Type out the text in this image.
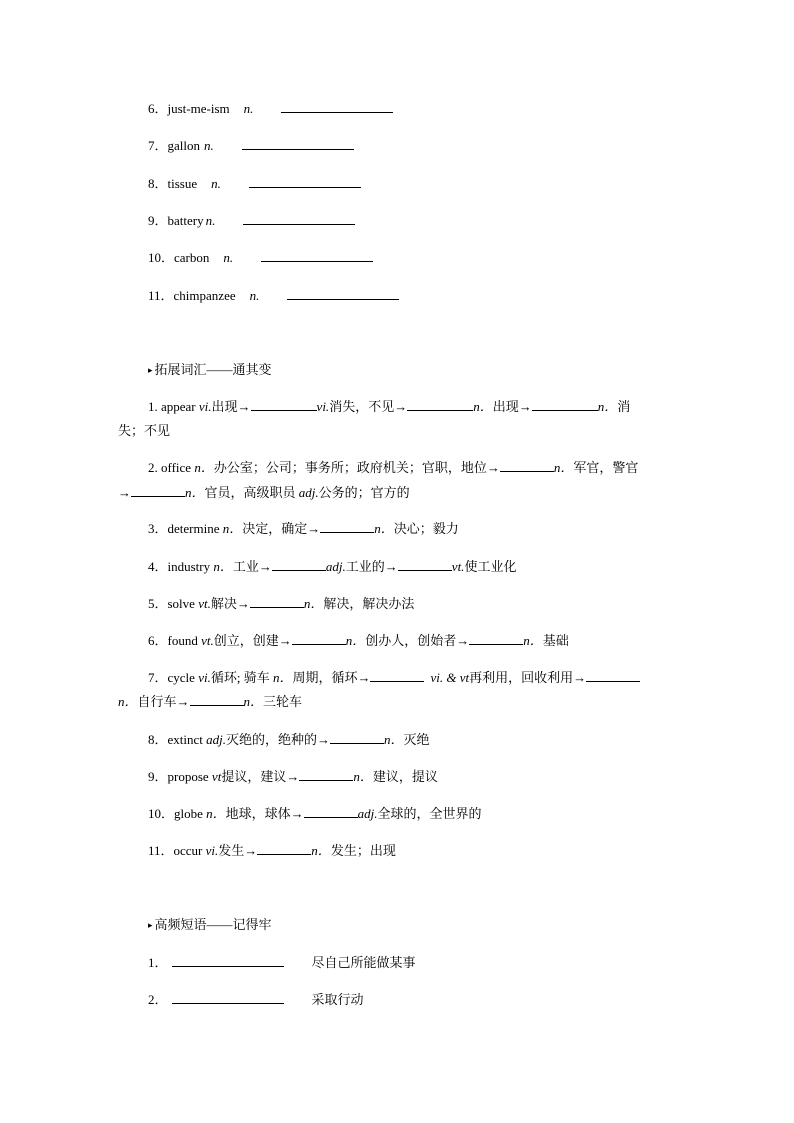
6．just-me-ism n.
7．gallon n.
8．tissue n.
9．battery n.
10．carbon n.
11．chimpanzee n.
▸ 拓展词汇——通其变
1. appear vi.出现→	vi.消失，不见→	n．出现→	n．消
失；不见
2. office n．办公室；公司；事务所；政府机关；官职，地位→	n．军官，警官
→	n．官员，高级职员 adj.公务的；官方的
3．determine n．决定，确定→	n．决心；毅力
4．industry n．工业→	adj.工业的→	vt.使工业化
5．solve vt.解决→	n．解决，解决办法
6．found vt.创立，创建→	n．创办人，创始者→	n．基础
7．cycle vi.循环; 骑车 n．周期，循环→	vi. & vt再利用，回收利用→
n．自行车→	n．三轮车
8．extinct adj.灭绝的，绝种的→	n．灭绝
9．propose vt提议，建议→	n．建议，提议
10．globe n．地球，球体→	adj.全球的，全世界的
11．occur vi.发生→	n．发生；出现
▸ 高频短语——记得牢
1．	尽自己所能做某事
2．	采取行动
